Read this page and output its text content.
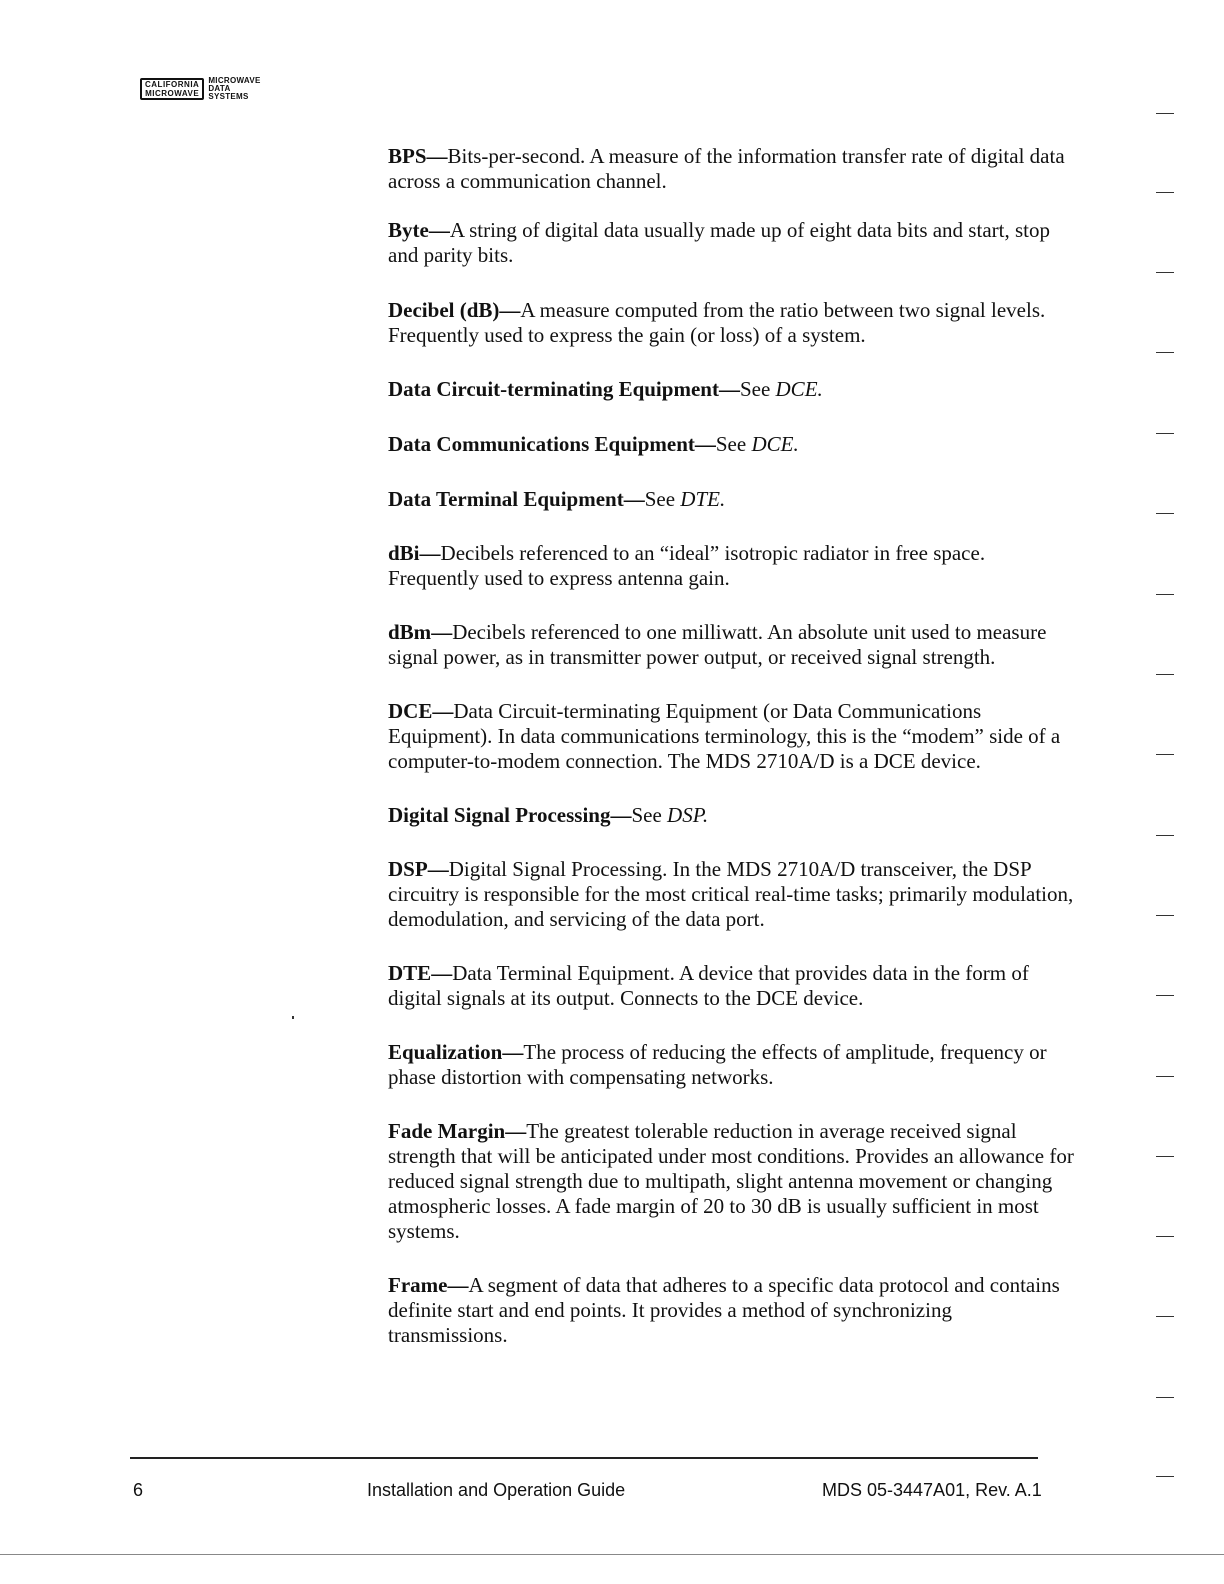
CALIFORNIA
MICROWAVE
MICROWAVE
DATA
SYSTEMS

BPS—Bits-per-second. A measure of the information transfer rate of digital data across a communication channel.

Byte—A string of digital data usually made up of eight data bits and start, stop and parity bits.

Decibel (dB)—A measure computed from the ratio between two signal levels. Frequently used to express the gain (or loss) of a system.

Data Circuit-terminating Equipment—See DCE.

Data Communications Equipment—See DCE.

Data Terminal Equipment—See DTE.

dBi—Decibels referenced to an “ideal” isotropic radiator in free space. Frequently used to express antenna gain.

dBm—Decibels referenced to one milliwatt. An absolute unit used to measure signal power, as in transmitter power output, or received signal strength.

DCE—Data Circuit-terminating Equipment (or Data Communications Equipment). In data communications terminology, this is the “modem” side of a computer-to-modem connection. The MDS 2710A/D is a DCE device.

Digital Signal Processing—See DSP.

DSP—Digital Signal Processing. In the MDS 2710A/D transceiver, the DSP circuitry is responsible for the most critical real-time tasks; primarily modulation, demodulation, and servicing of the data port.

DTE—Data Terminal Equipment. A device that provides data in the form of digital signals at its output. Connects to the DCE device.

Equalization—The process of reducing the effects of amplitude, frequency or phase distortion with compensating networks.

Fade Margin—The greatest tolerable reduction in average received signal strength that will be anticipated under most conditions. Provides an allowance for reduced signal strength due to multipath, slight antenna movement or changing atmospheric losses. A fade margin of 20 to 30 dB is usually sufficient in most systems.

Frame—A segment of data that adheres to a specific data protocol and contains definite start and end points. It provides a method of synchronizing transmissions.

6	Installation and Operation Guide	MDS 05-3447A01, Rev. A.1
